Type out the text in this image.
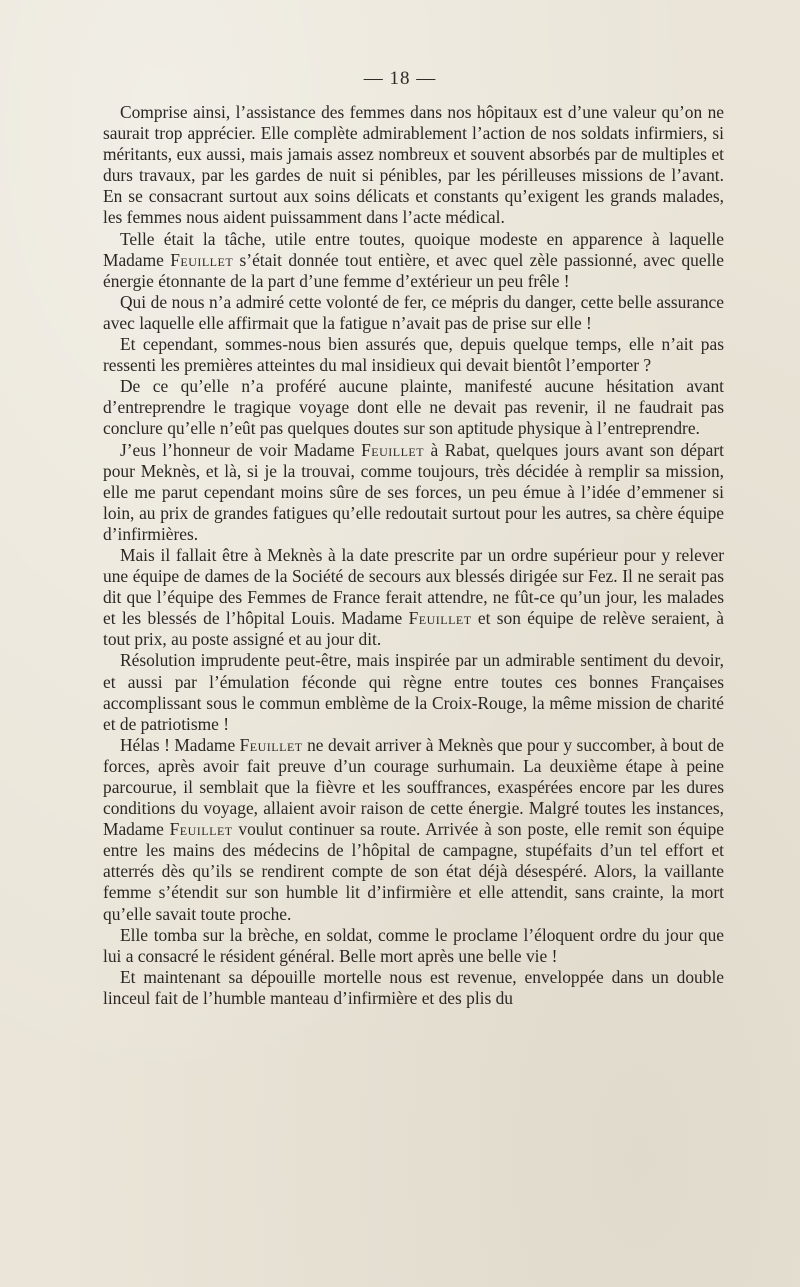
— 18 —

Comprise ainsi, l’assistance des femmes dans nos hôpitaux est d’une valeur qu’on ne saurait trop apprécier. Elle complète admirablement l’action de nos soldats infirmiers, si méritants, eux aussi, mais jamais assez nombreux et souvent absorbés par de multiples et durs travaux, par les gardes de nuit si pénibles, par les périlleuses missions de l’avant. En se consacrant surtout aux soins délicats et constants qu’exigent les grands malades, les femmes nous aident puissamment dans l’acte médical.

Telle était la tâche, utile entre toutes, quoique modeste en apparence à laquelle Madame Feuillet s’était donnée tout entière, et avec quel zèle passionné, avec quelle énergie étonnante de la part d’une femme d’extérieur un peu frêle !

Qui de nous n’a admiré cette volonté de fer, ce mépris du danger, cette belle assurance avec laquelle elle affirmait que la fatigue n’avait pas de prise sur elle !

Et cependant, sommes-nous bien assurés que, depuis quelque temps, elle n’ait pas ressenti les premières atteintes du mal insidieux qui devait bientôt l’emporter ?

De ce qu’elle n’a proféré aucune plainte, manifesté aucune hésitation avant d’entreprendre le tragique voyage dont elle ne devait pas revenir, il ne faudrait pas conclure qu’elle n’eût pas quelques doutes sur son aptitude physique à l’entreprendre.

J’eus l’honneur de voir Madame Feuillet à Rabat, quelques jours avant son départ pour Meknès, et là, si je la trouvai, comme toujours, très décidée à remplir sa mission, elle me parut cependant moins sûre de ses forces, un peu émue à l’idée d’emmener si loin, au prix de grandes fatigues qu’elle redoutait surtout pour les autres, sa chère équipe d’infirmières.

Mais il fallait être à Meknès à la date prescrite par un ordre supérieur pour y relever une équipe de dames de la Société de secours aux blessés dirigée sur Fez. Il ne serait pas dit que l’équipe des Femmes de France ferait attendre, ne fût-ce qu’un jour, les malades et les blessés de l’hôpital Louis. Madame Feuillet et son équipe de relève seraient, à tout prix, au poste assigné et au jour dit.

Résolution imprudente peut-être, mais inspirée par un admirable sentiment du devoir, et aussi par l’émulation féconde qui règne entre toutes ces bonnes Françaises accomplissant sous le commun emblème de la Croix-Rouge, la même mission de charité et de patriotisme !

Hélas ! Madame Feuillet ne devait arriver à Meknès que pour y succomber, à bout de forces, après avoir fait preuve d’un courage surhumain. La deuxième étape à peine parcourue, il semblait que la fièvre et les souffrances, exaspérées encore par les dures conditions du voyage, allaient avoir raison de cette énergie. Malgré toutes les instances, Madame Feuillet voulut continuer sa route. Arrivée à son poste, elle remit son équipe entre les mains des médecins de l’hôpital de campagne, stupéfaits d’un tel effort et atterrés dès qu’ils se rendirent compte de son état déjà désespéré. Alors, la vaillante femme s’étendit sur son humble lit d’infirmière et elle attendit, sans crainte, la mort qu’elle savait toute proche.

Elle tomba sur la brèche, en soldat, comme le proclame l’éloquent ordre du jour que lui a consacré le résident général. Belle mort après une belle vie !

Et maintenant sa dépouille mortelle nous est revenue, enveloppée dans un double linceul fait de l’humble manteau d’infirmière et des plis du
